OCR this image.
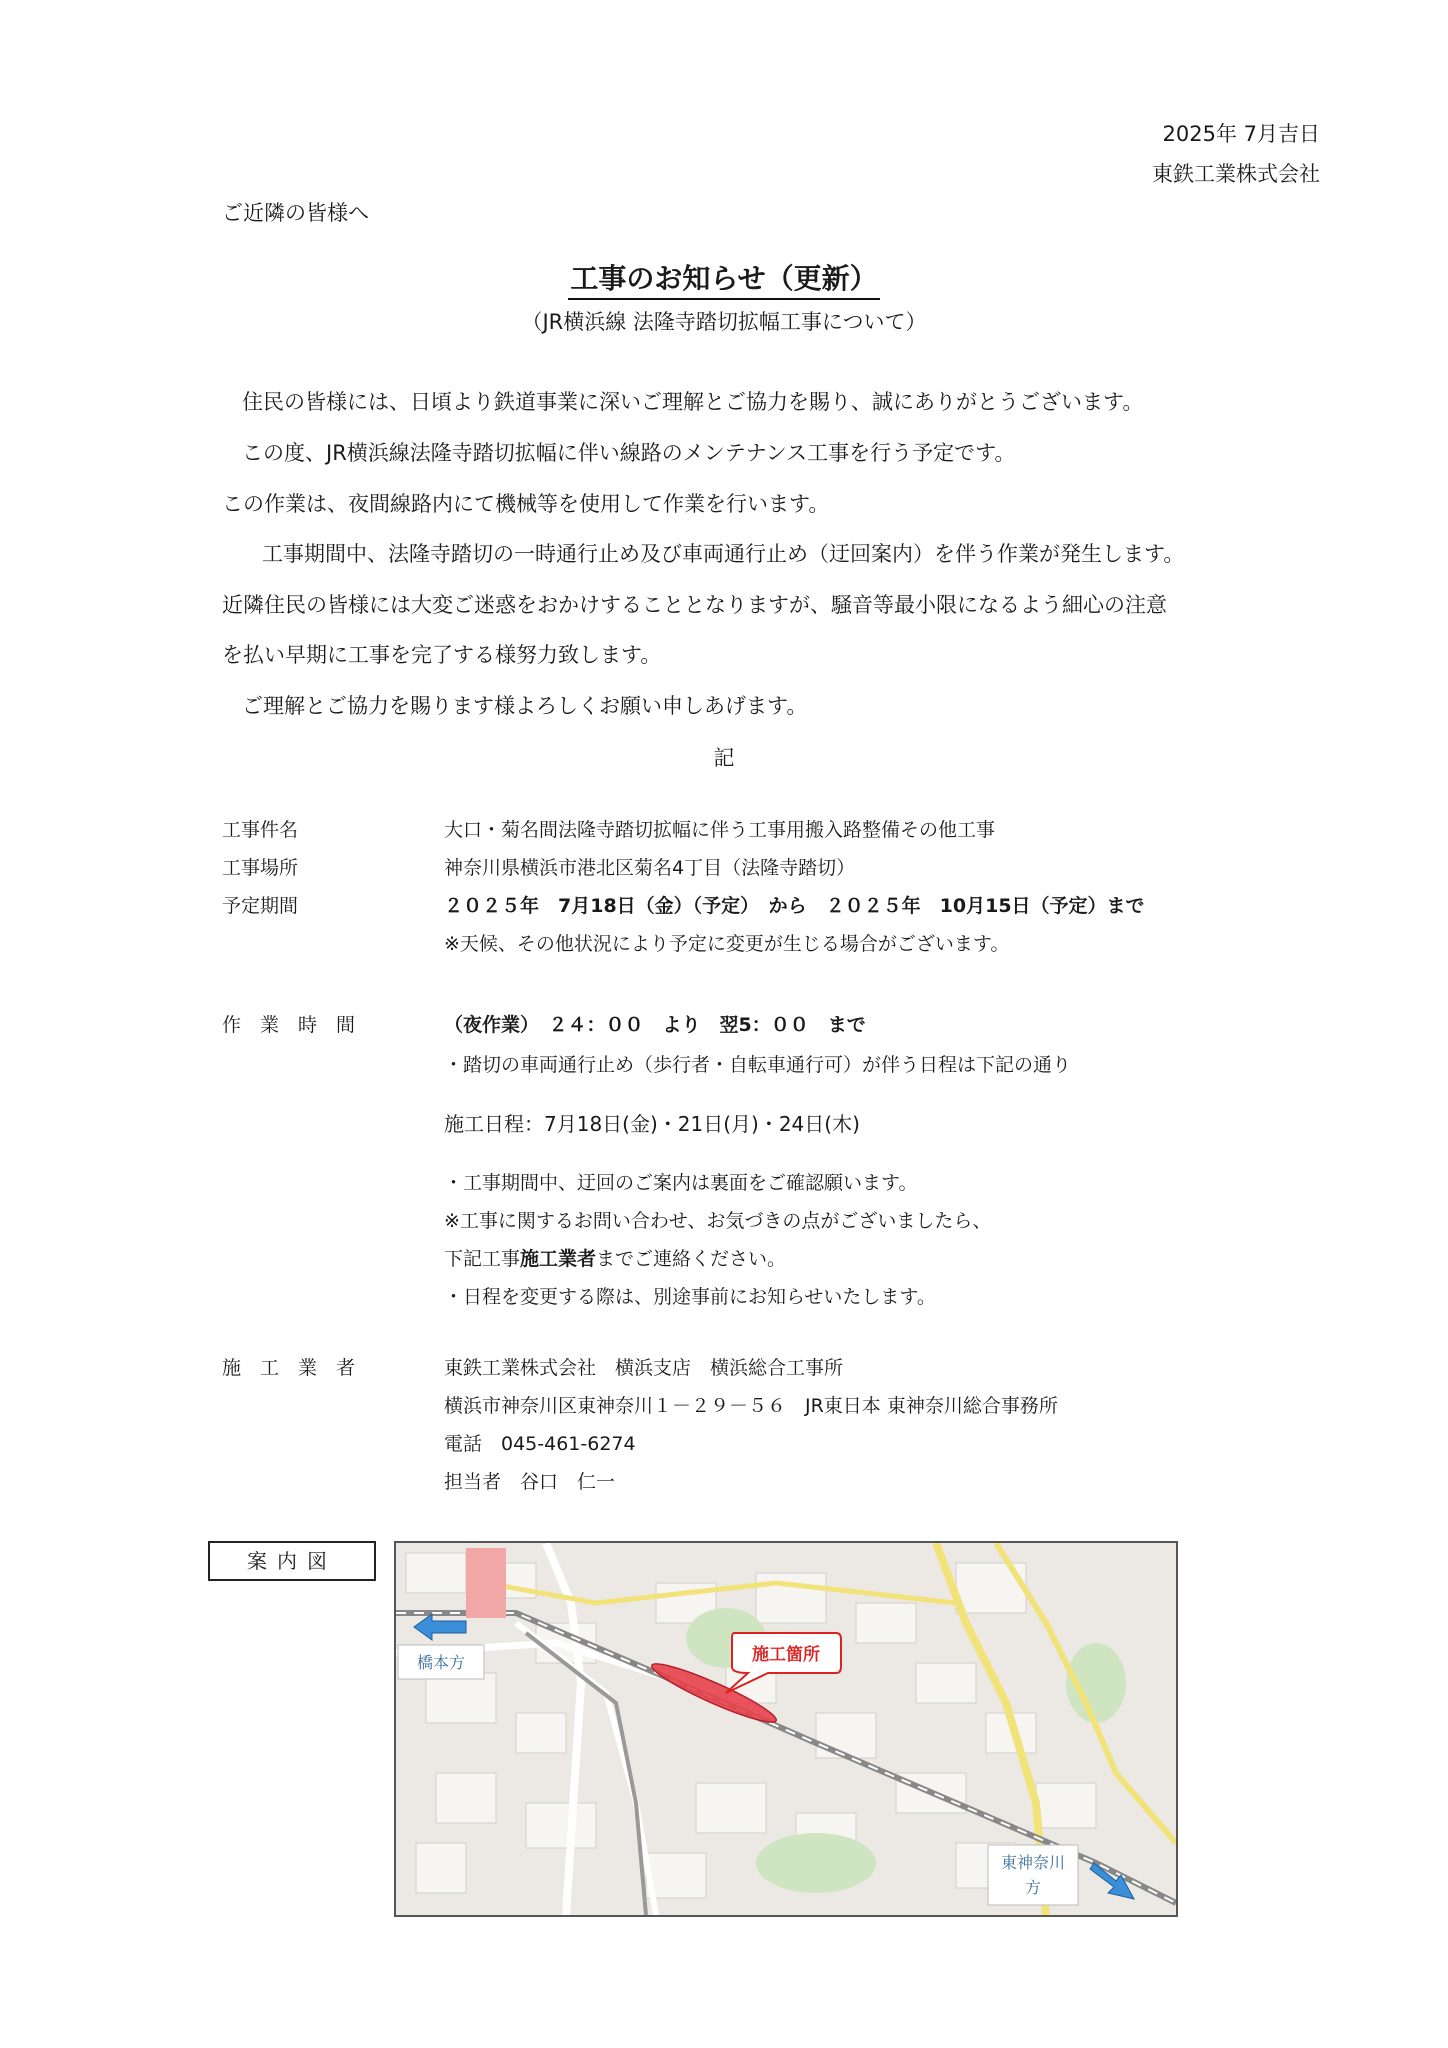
2025年 7月吉日
東鉄工業株式会社
ご近隣の皆様へ
工事のお知らせ（更新）
（JR横浜線 法隆寺踏切拡幅工事について）
住民の皆様には、日頃より鉄道事業に深いご理解とご協力を賜り、誠にありがとうございます。
この度、JR横浜線法隆寺踏切拡幅に伴い線路のメンテナンス工事を行う予定です。
この作業は、夜間線路内にて機械等を使用して作業を行います。
工事期間中、法隆寺踏切の一時通行止め及び車両通行止め（迂回案内）を伴う作業が発生します。
近隣住民の皆様には大変ご迷惑をおかけすることとなりますが、騒音等最小限になるよう細心の注意
を払い早期に工事を完了する様努力致します。
ご理解とご協力を賜ります様よろしくお願い申しあげます。
記
工事件名	大口・菊名間法隆寺踏切拡幅に伴う工事用搬入路整備その他工事
工事場所	神奈川県横浜市港北区菊名4丁目（法隆寺踏切）
予定期間	２０２５年　7月18日（金）（予定）　から　２０２５年　10月15日（予定）まで
※天候、その他状況により予定に変更が生じる場合がございます。
作　業　時　間	（夜作業）　２４：００　より　翌5：００　まで
・踏切の車両通行止め（歩行者・自転車通行可）が伴う日程は下記の通り
施工日程：7月18日(金)・21日(月)・24日(木)
・工事期間中、迂回のご案内は裏面をご確認願います。
※工事に関するお問い合わせ、お気づきの点がございましたら、
下記工事施工業者までご連絡ください。
・日程を変更する際は、別途事前にお知らせいたします。
施　工　業　者	東鉄工業株式会社　横浜支店　横浜総合工事所
横浜市神奈川区東神奈川１－２９－５６　JR東日本 東神奈川総合事務所
電話　045-461-6274
担当者　谷口　仁一
案内図
施工箇所
橋本方
東神奈川
方
